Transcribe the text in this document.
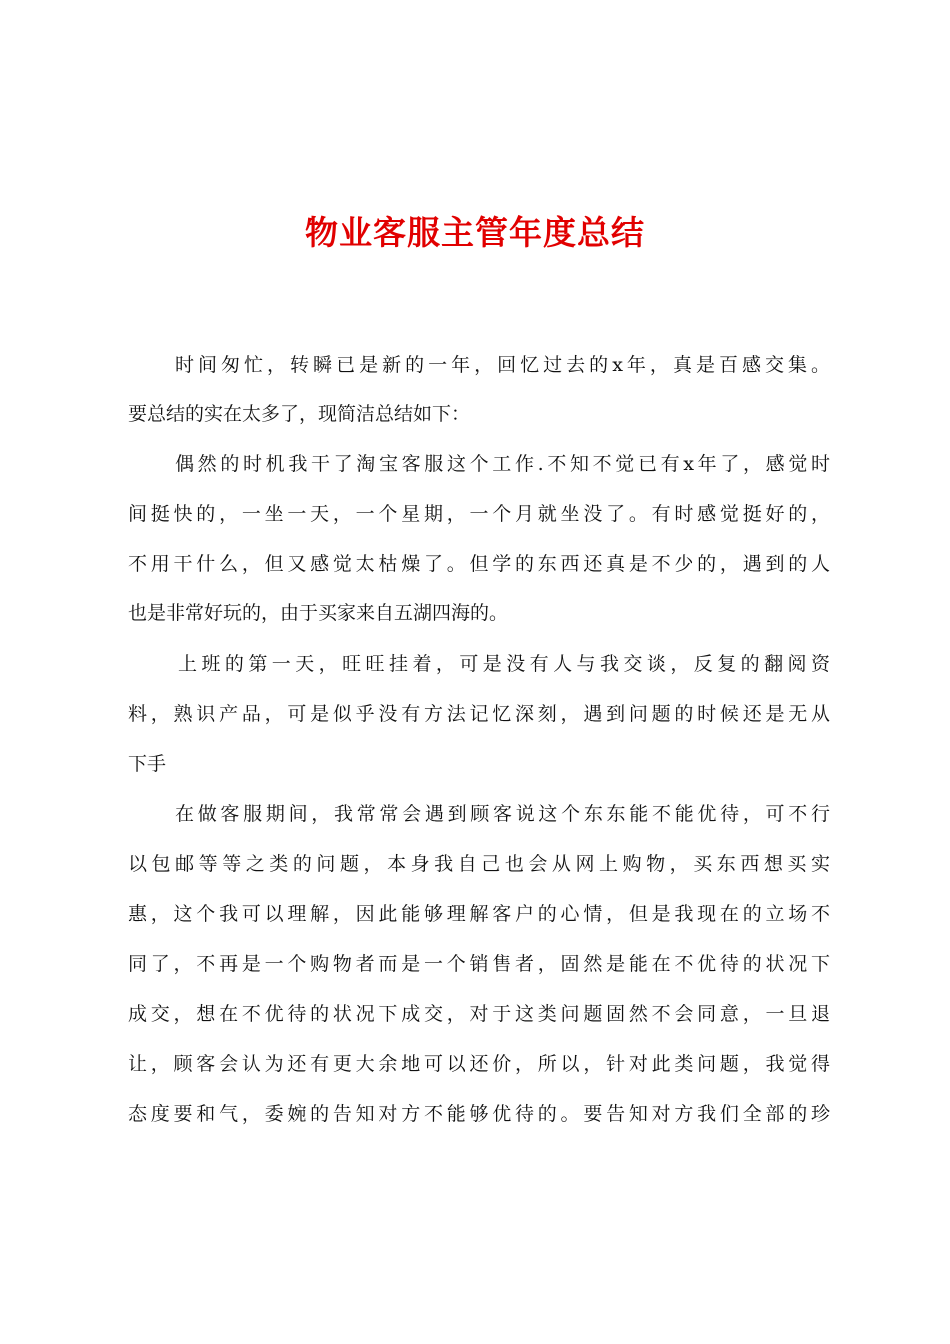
物业客服主管年度总结
时间匆忙，转瞬已是新的一年，回忆过去的x年，真是百感交集。
要总结的实在太多了，现简洁总结如下：
偶然的时机我干了淘宝客服这个工作.不知不觉已有x年了，感觉时
间挺快的，一坐一天，一个星期，一个月就坐没了。有时感觉挺好的，
不用干什么，但又感觉太枯燥了。但学的东西还真是不少的，遇到的人
也是非常好玩的，由于买家来自五湖四海的。
上班的第一天，旺旺挂着，可是没有人与我交谈，反复的翻阅资
料，熟识产品，可是似乎没有方法记忆深刻，遇到问题的时候还是无从
下手
在做客服期间，我常常会遇到顾客说这个东东能不能优待，可不行
以包邮等等之类的问题，本身我自己也会从网上购物，买东西想买实
惠，这个我可以理解，因此能够理解客户的心情，但是我现在的立场不
同了，不再是一个购物者而是一个销售者，固然是能在不优待的状况下
成交，想在不优待的状况下成交，对于这类问题固然不会同意，一旦退
让，顾客会认为还有更大余地可以还价，所以，针对此类问题，我觉得
态度要和气，委婉的告知对方不能够优待的。要告知对方我们全部的珍
